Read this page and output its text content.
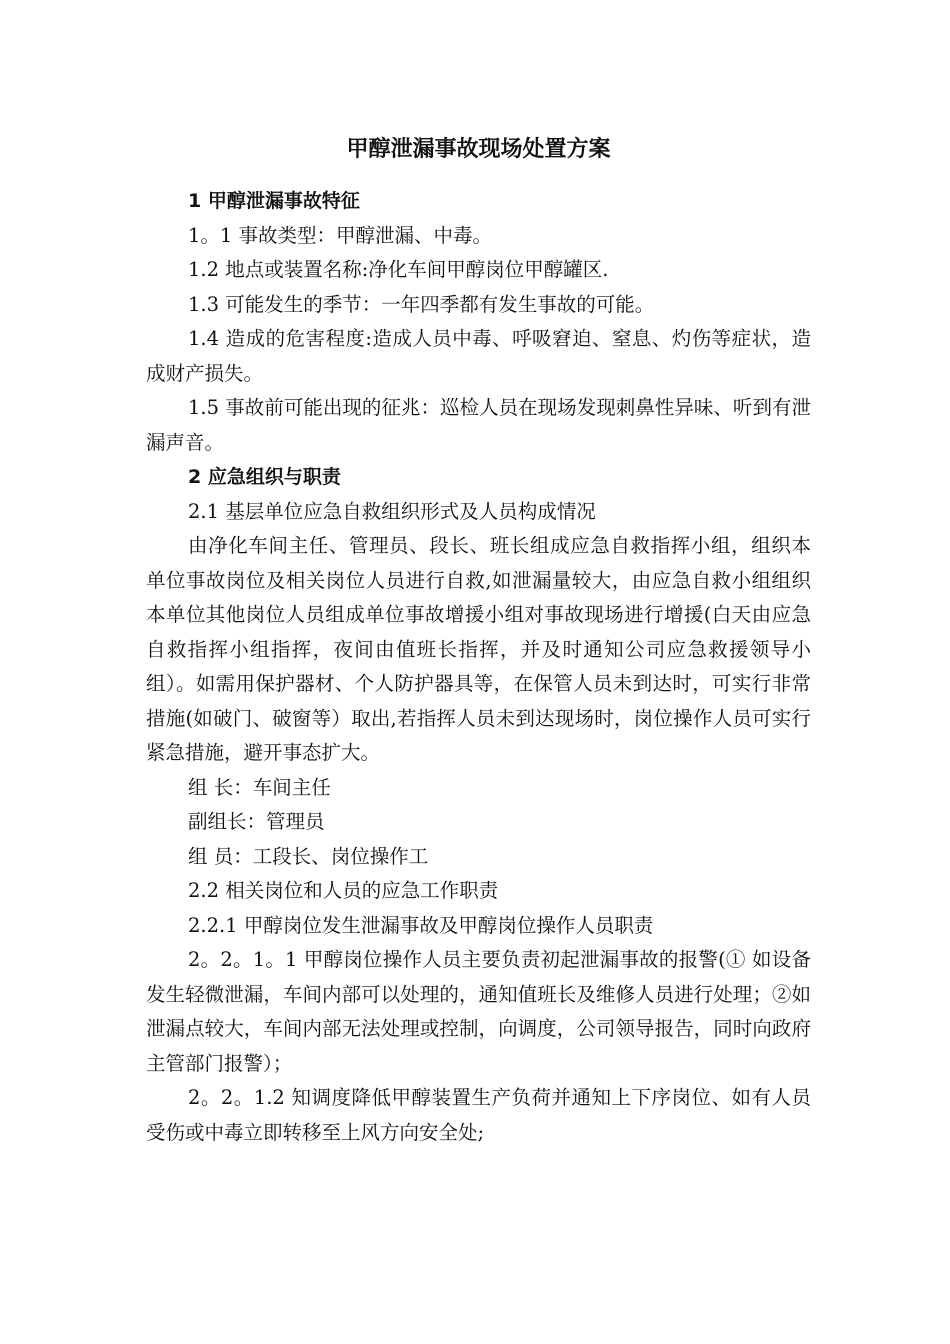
甲醇泄漏事故现场处置方案

1 甲醇泄漏事故特征

1。1 事故类型：甲醇泄漏、中毒。

1.2 地点或装置名称:净化车间甲醇岗位甲醇罐区.

1.3 可能发生的季节：一年四季都有发生事故的可能。

1.4 造成的危害程度:造成人员中毒、呼吸窘迫、窒息、灼伤等症状，造成财产损失。

1.5 事故前可能出现的征兆：巡检人员在现场发现刺鼻性异味、听到有泄漏声音。

2 应急组织与职责

2.1 基层单位应急自救组织形式及人员构成情况

由净化车间主任、管理员、段长、班长组成应急自救指挥小组，组织本单位事故岗位及相关岗位人员进行自救,如泄漏量较大，由应急自救小组组织本单位其他岗位人员组成单位事故增援小组对事故现场进行增援(白天由应急自救指挥小组指挥，夜间由值班长指挥，并及时通知公司应急救援领导小组）。如需用保护器材、个人防护器具等，在保管人员未到达时，可实行非常措施(如破门、破窗等）取出,若指挥人员未到达现场时，岗位操作人员可实行紧急措施，避开事态扩大。

组 长：车间主任

副组长：管理员

组 员：工段长、岗位操作工

2.2 相关岗位和人员的应急工作职责

2.2.1 甲醇岗位发生泄漏事故及甲醇岗位操作人员职责

2。2。1。1 甲醇岗位操作人员主要负责初起泄漏事故的报警(① 如设备发生轻微泄漏，车间内部可以处理的，通知值班长及维修人员进行处理；②如泄漏点较大，车间内部无法处理或控制，向调度，公司领导报告，同时向政府主管部门报警）；

2。2。1.2 知调度降低甲醇装置生产负荷并通知上下序岗位、如有人员受伤或中毒立即转移至上风方向安全处;
